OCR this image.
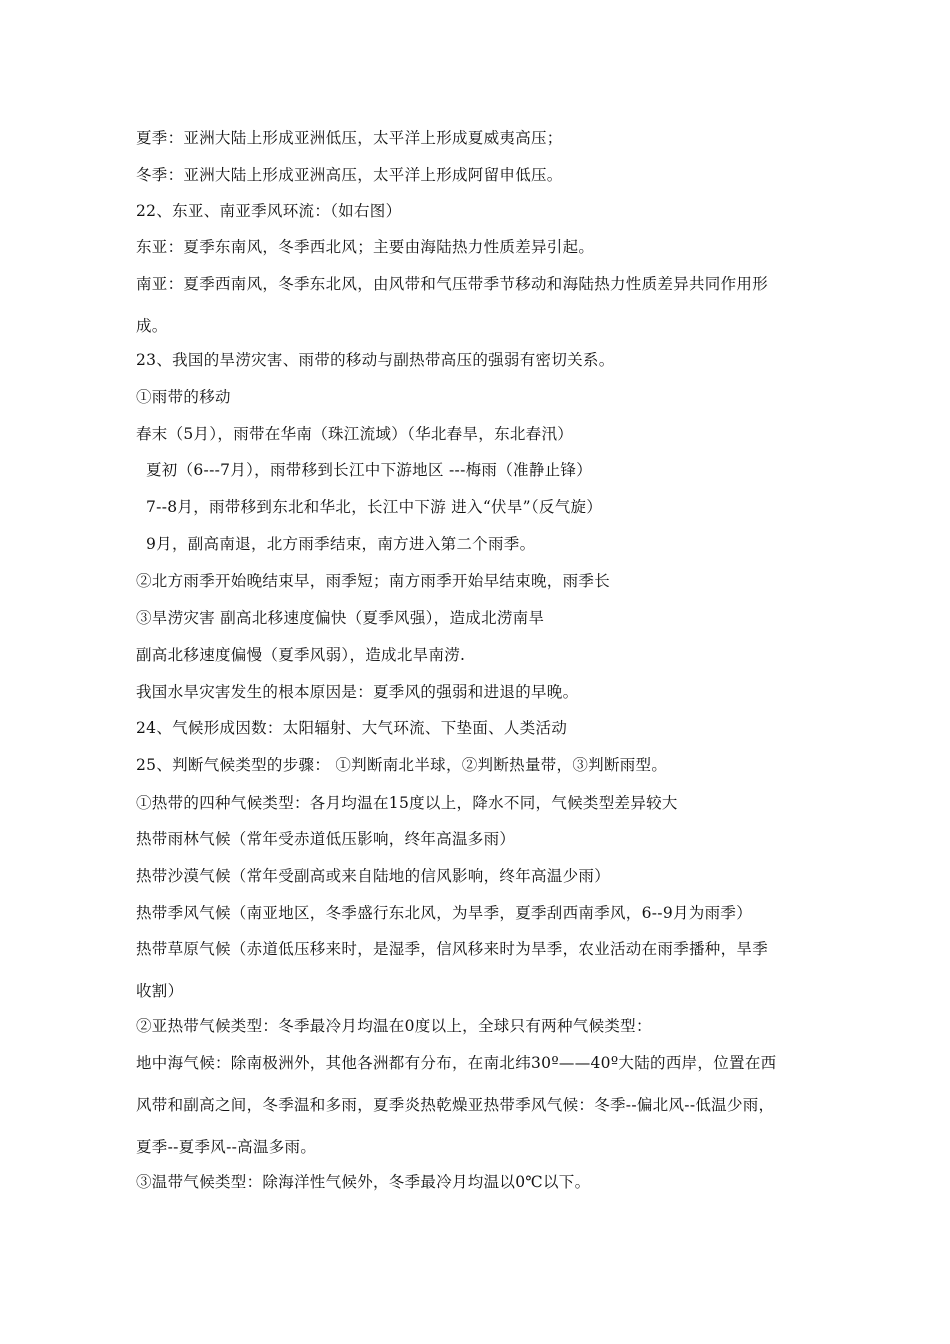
夏季：亚洲大陆上形成亚洲低压，太平洋上形成夏威夷高压；
冬季：亚洲大陆上形成亚洲高压，太平洋上形成阿留申低压。
22、东亚、南亚季风环流：（如右图）
东亚：夏季东南风，冬季西北风；主要由海陆热力性质差异引起。
南亚：夏季西南风，冬季东北风，由风带和气压带季节移动和海陆热力性质差异共同作用形
成。
23、我国的旱涝灾害、雨带的移动与副热带高压的强弱有密切关系。
①雨带的移动
春末（5月），雨带在华南（珠江流域）（华北春旱，东北春汛）
夏初（6---7月），雨带移到长江中下游地区 ---梅雨（准静止锋）
7--8月，雨带移到东北和华北，长江中下游 进入“伏旱”（反气旋）
9月，副高南退，北方雨季结束，南方进入第二个雨季。
②北方雨季开始晚结束早，雨季短；南方雨季开始早结束晚，雨季长
③旱涝灾害 副高北移速度偏快（夏季风强），造成北涝南旱
副高北移速度偏慢（夏季风弱），造成北旱南涝.
我国水旱灾害发生的根本原因是：夏季风的强弱和进退的早晚。
24、气候形成因数：太阳辐射、大气环流、下垫面、人类活动
25、判断气候类型的步骤： ①判断南北半球，②判断热量带，③判断雨型。
①热带的四种气候类型：各月均温在15度以上，降水不同，气候类型差异较大
热带雨林气候（常年受赤道低压影响，终年高温多雨）
热带沙漠气候（常年受副高或来自陆地的信风影响，终年高温少雨）
热带季风气候（南亚地区，冬季盛行东北风，为旱季，夏季刮西南季风，6--9月为雨季）
热带草原气候（赤道低压移来时，是湿季，信风移来时为旱季，农业活动在雨季播种，旱季
收割）
②亚热带气候类型：冬季最冷月均温在0度以上，全球只有两种气候类型：
地中海气候：除南极洲外，其他各洲都有分布，在南北纬30º——40º大陆的西岸，位置在西
风带和副高之间，冬季温和多雨，夏季炎热乾燥亚热带季风气候：冬季--偏北风--低温少雨，
夏季--夏季风--高温多雨。
③温带气候类型：除海洋性气候外，冬季最冷月均温以0℃以下。
